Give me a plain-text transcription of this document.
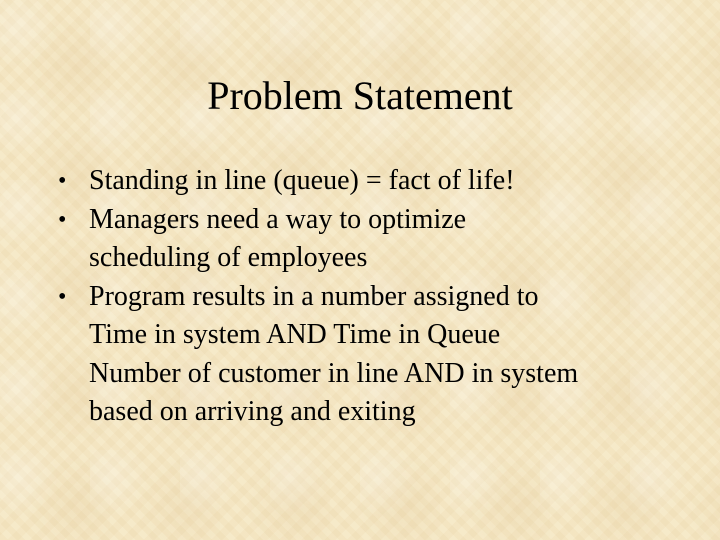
Problem Statement
• Standing in line (queue) = fact of life!
• Managers need a way to optimize
scheduling of employees
• Program results in a number assigned to
Time in system AND Time in Queue
Number of customer in line AND in system
based on arriving and exiting
